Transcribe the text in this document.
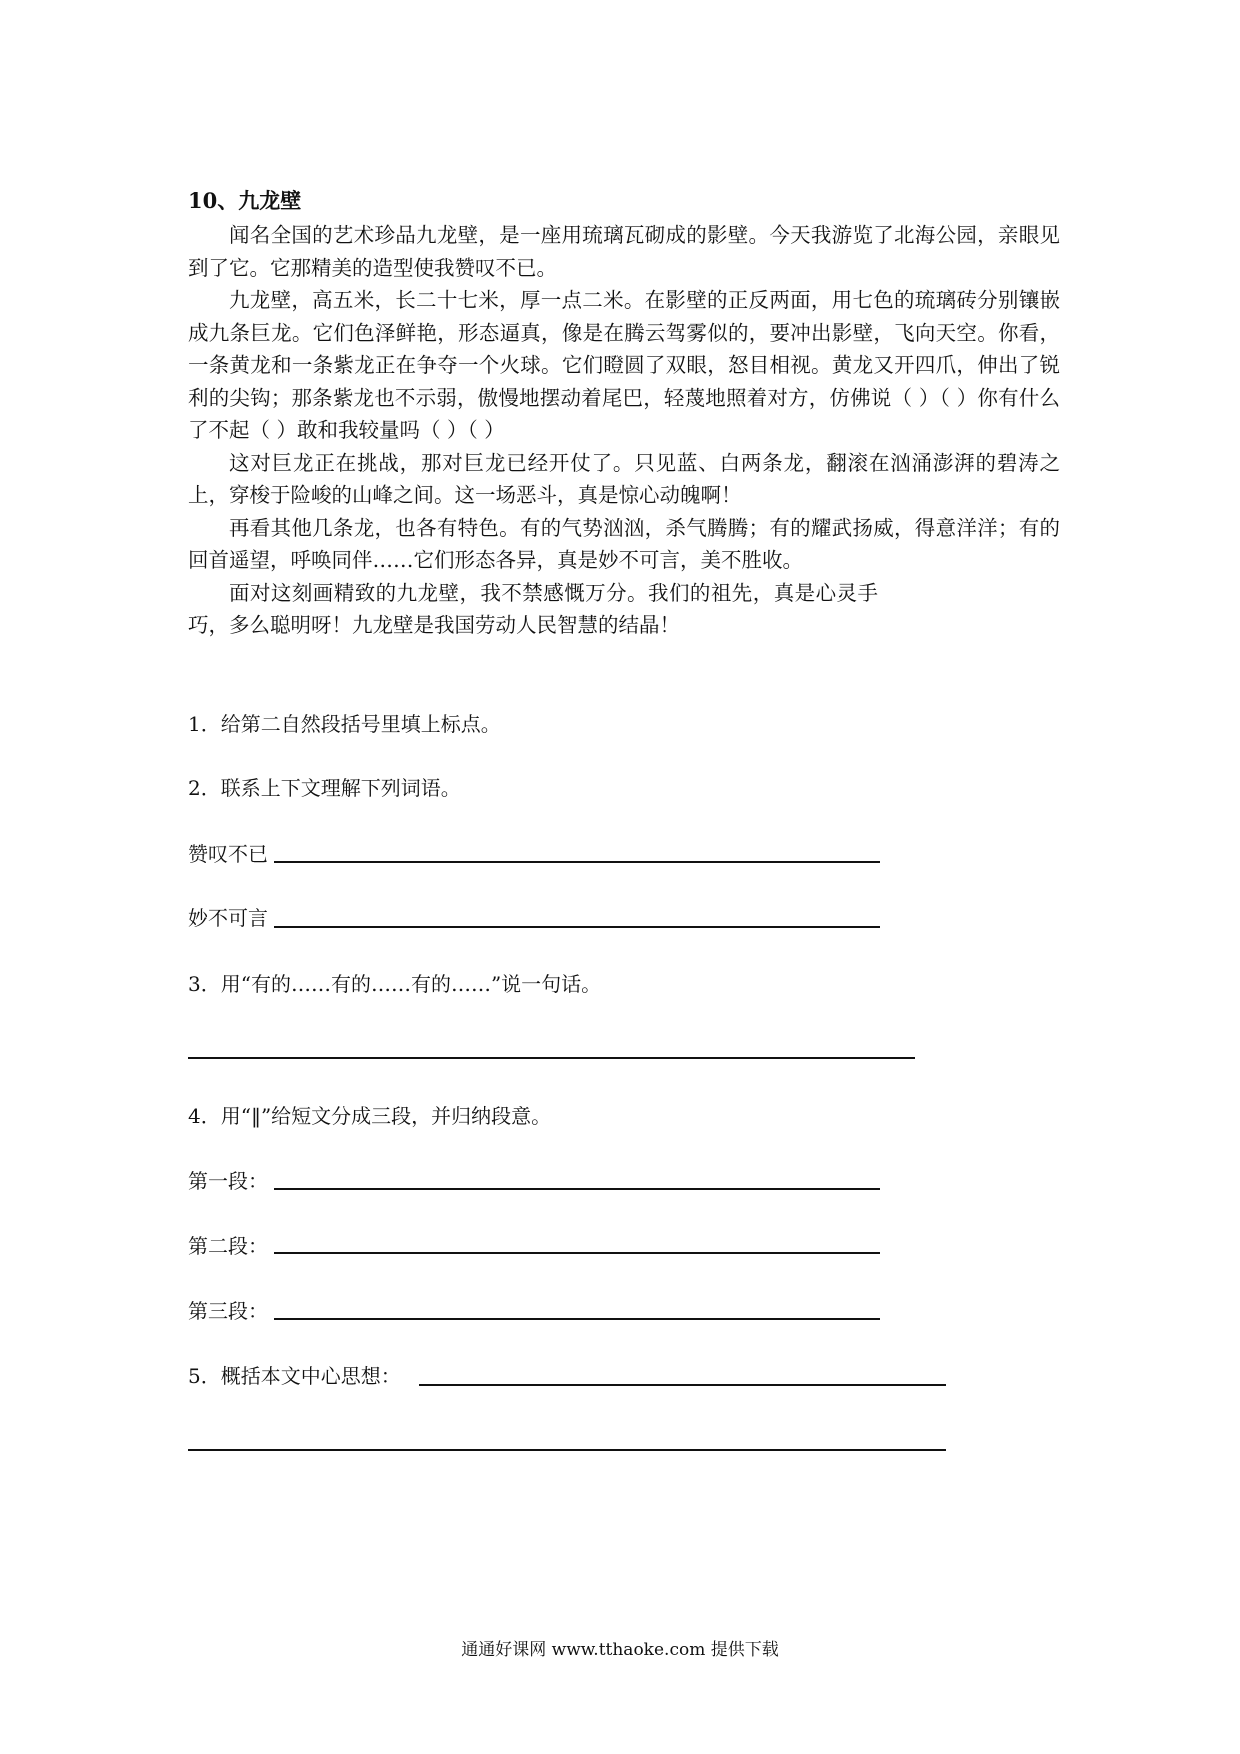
10、九龙壁

闻名全国的艺术珍品九龙壁，是一座用琉璃瓦砌成的影壁。今天我游览了北海公园，亲眼见到了它。它那精美的造型使我赞叹不已。

九龙壁，高五米，长二十七米，厚一点二米。在影壁的正反两面，用七色的琉璃砖分别镶嵌成九条巨龙。它们色泽鲜艳，形态逼真，像是在腾云驾雾似的，要冲出影壁，飞向天空。你看，一条黄龙和一条紫龙正在争夺一个火球。它们瞪圆了双眼，怒目相视。黄龙又开四爪，伸出了锐利的尖钩；那条紫龙也不示弱，傲慢地摆动着尾巴，轻蔑地照着对方，仿佛说（ ）（ ）你有什么了不起（ ）敢和我较量吗（ ）（ ）

这对巨龙正在挑战，那对巨龙已经开仗了。只见蓝、白两条龙，翻滚在汹涌澎湃的碧涛之上，穿梭于险峻的山峰之间。这一场恶斗，真是惊心动魄啊！

再看其他几条龙，也各有特色。有的气势汹汹，杀气腾腾；有的耀武扬威，得意洋洋；有的回首遥望，呼唤同伴……它们形态各异，真是妙不可言，美不胜收。

面对这刻画精致的九龙壁，我不禁感慨万分。我们的祖先，真是心灵手巧，多么聪明呀！九龙壁是我国劳动人民智慧的结晶！

1．给第二自然段括号里填上标点。
2．联系上下文理解下列词语。
赞叹不已
妙不可言
3．用“有的……有的……有的……”说一句话。
4．用“‖”给短文分成三段，并归纳段意。
第一段：
第二段：
第三段：
5．概括本文中心思想：
通通好课网 www.tthaoke.com 提供下载
